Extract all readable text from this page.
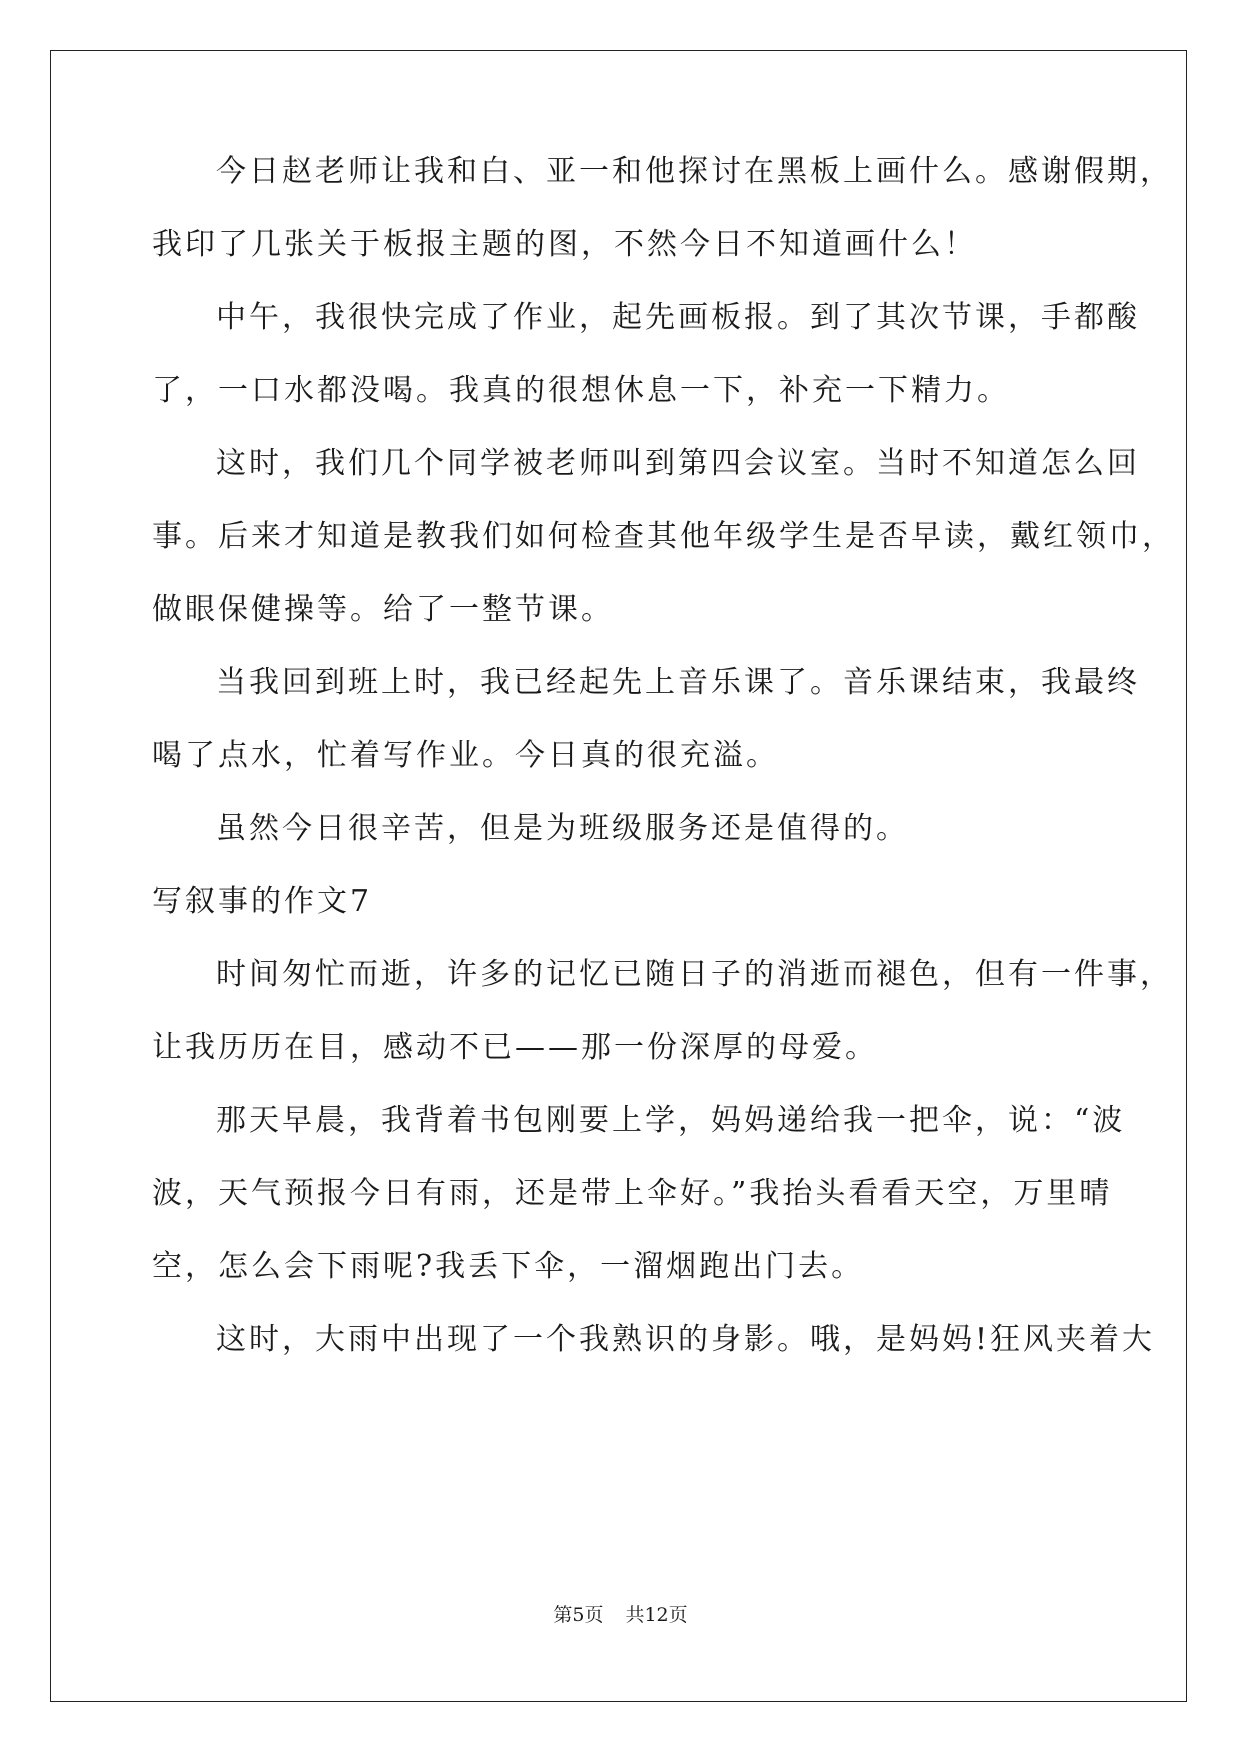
今日赵老师让我和白、亚一和他探讨在黑板上画什么。感谢假期，
我印了几张关于板报主题的图，不然今日不知道画什么！
中午，我很快完成了作业，起先画板报。到了其次节课，手都酸
了，一口水都没喝。我真的很想休息一下，补充一下精力。
这时，我们几个同学被老师叫到第四会议室。当时不知道怎么回
事。后来才知道是教我们如何检查其他年级学生是否早读，戴红领巾，
做眼保健操等。给了一整节课。
当我回到班上时，我已经起先上音乐课了。音乐课结束，我最终
喝了点水，忙着写作业。今日真的很充溢。
虽然今日很辛苦，但是为班级服务还是值得的。
写叙事的作文7
时间匆忙而逝，许多的记忆已随日子的消逝而褪色，但有一件事，
让我历历在目，感动不已——那一份深厚的母爱。
那天早晨，我背着书包刚要上学，妈妈递给我一把伞，说：“波
波，天气预报今日有雨，还是带上伞好。”我抬头看看天空，万里晴
空，怎么会下雨呢?我丢下伞，一溜烟跑出门去。
这时，大雨中出现了一个我熟识的身影。哦，是妈妈!狂风夹着大
第5页 共12页
